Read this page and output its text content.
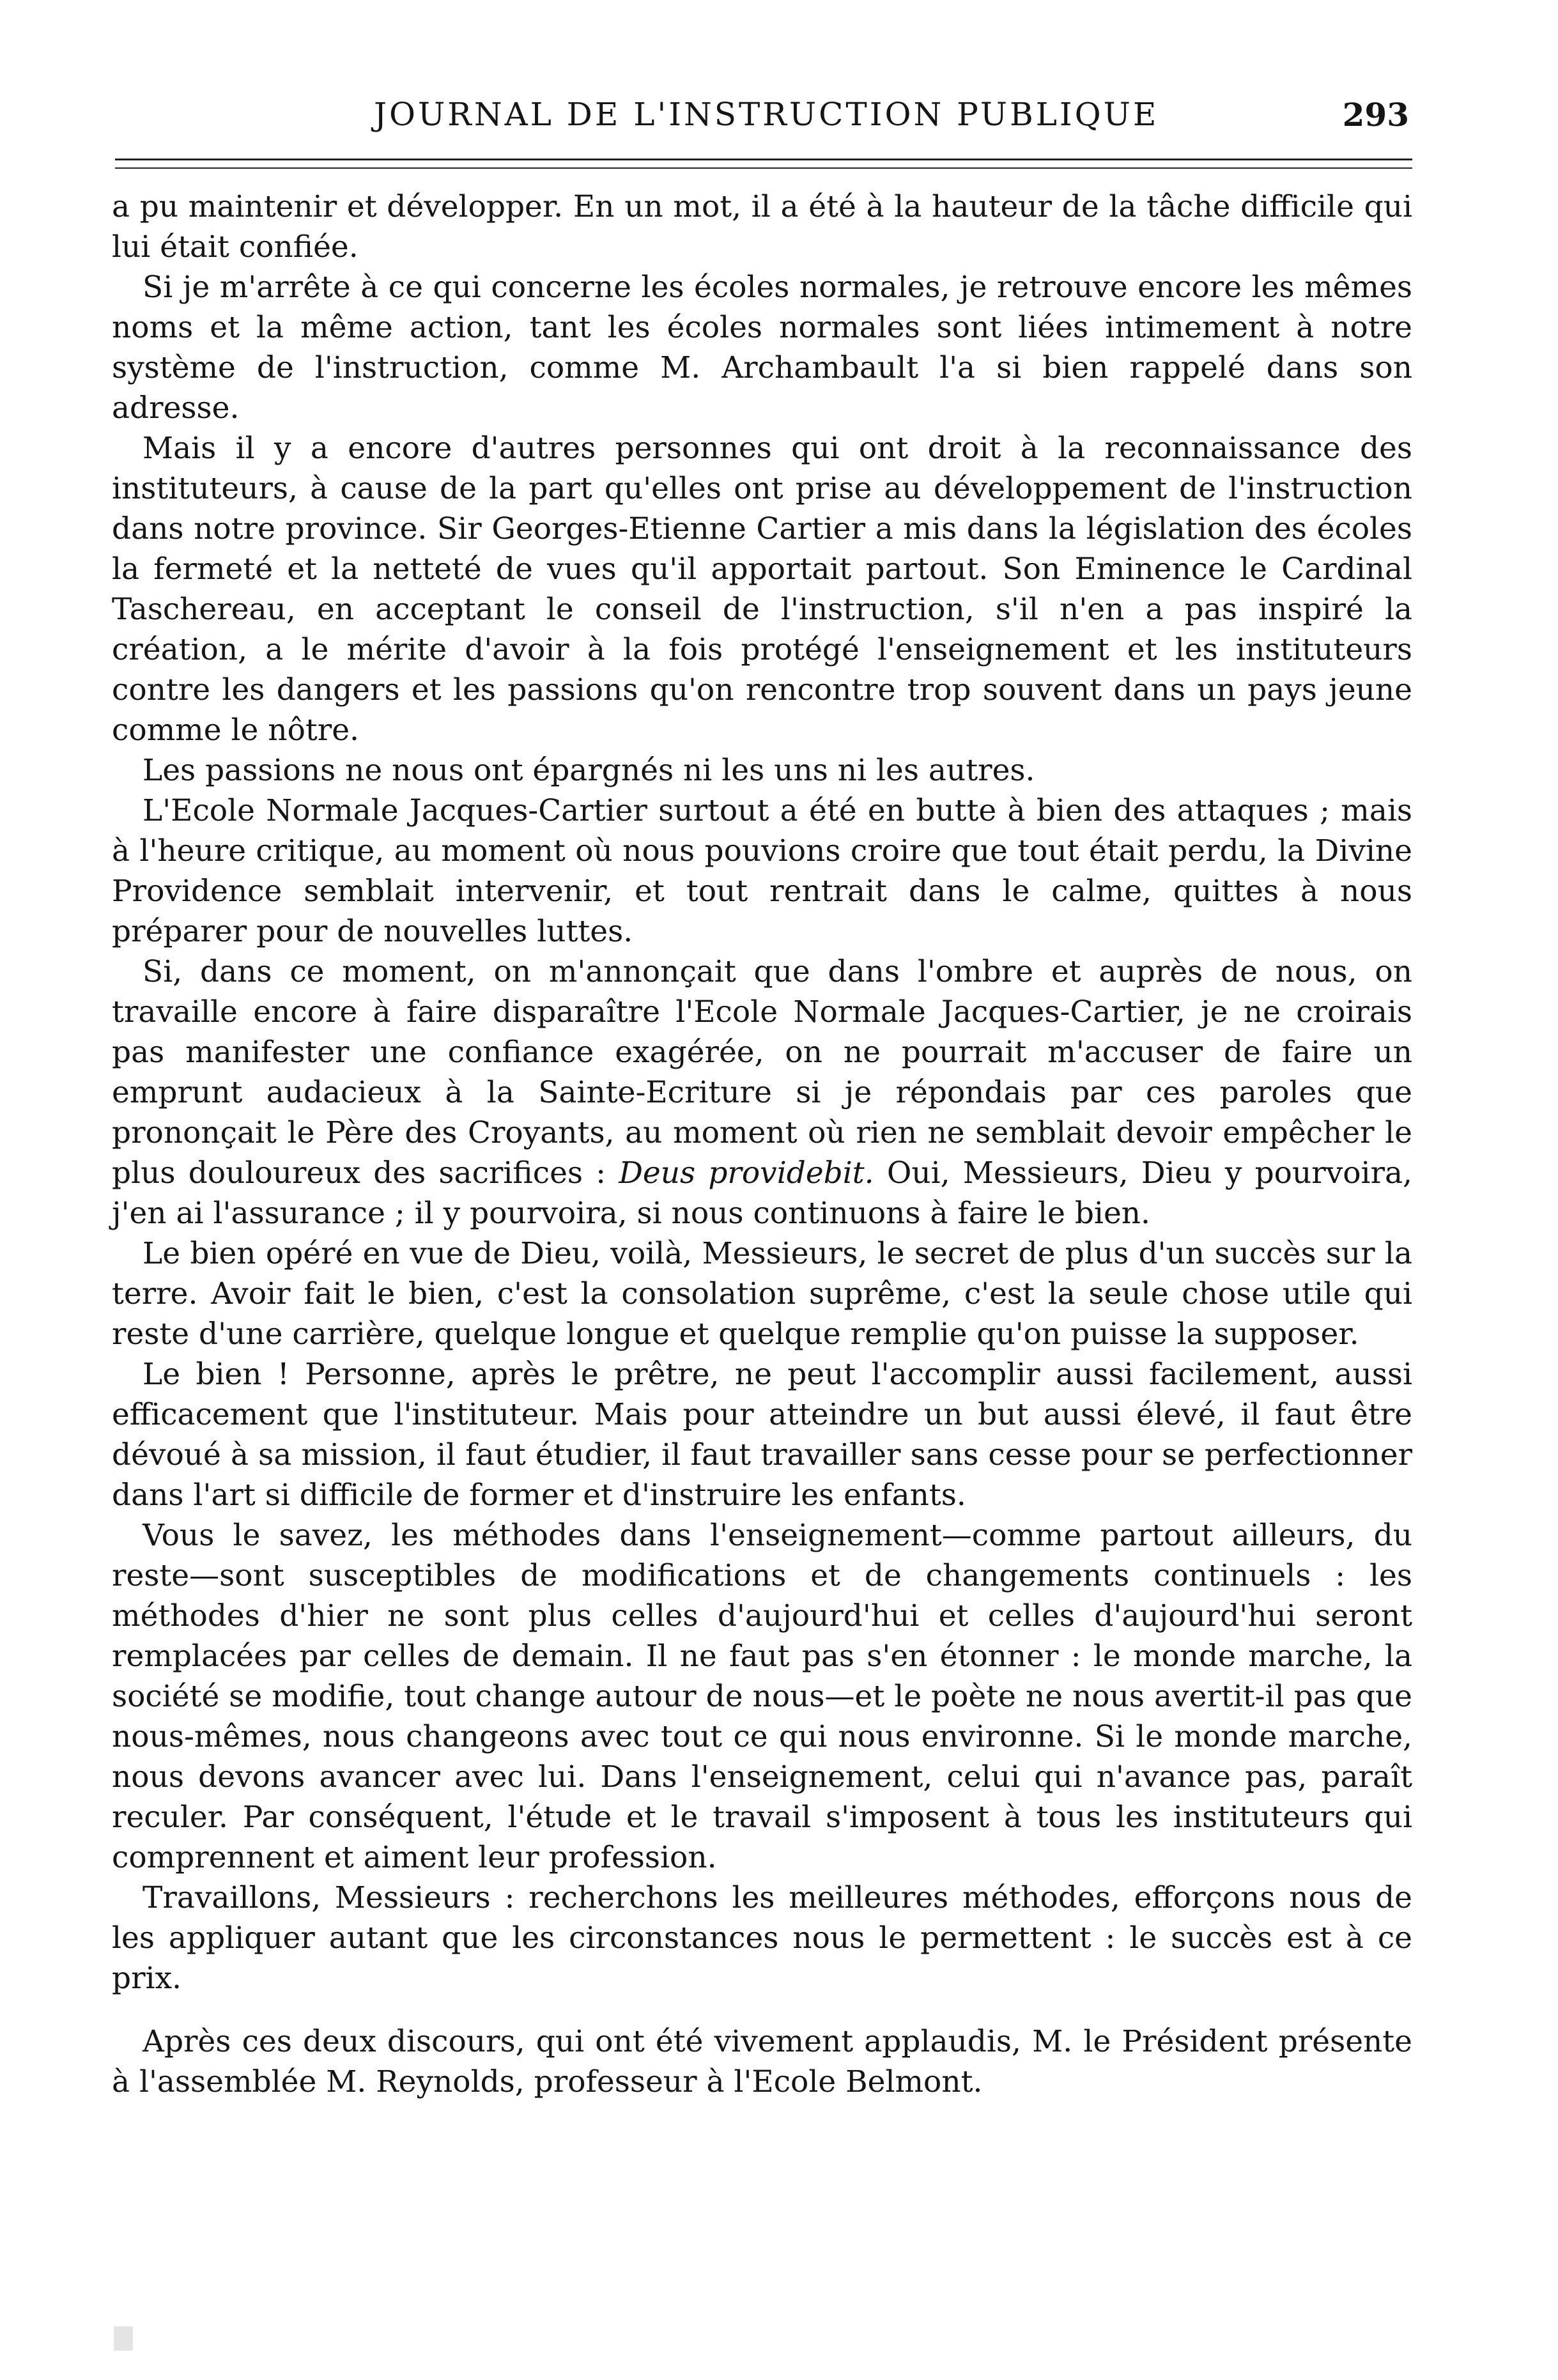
JOURNAL DE L'INSTRUCTION PUBLIQUE	293

a pu maintenir et développer. En un mot, il a été à la hauteur de la tâche difficile qui lui était confiée.

Si je m'arrête à ce qui concerne les écoles normales, je retrouve encore les mêmes noms et la même action, tant les écoles normales sont liées intimement à notre système de l'instruction, comme M. Archambault l'a si bien rappelé dans son adresse.

Mais il y a encore d'autres personnes qui ont droit à la reconnaissance des instituteurs, à cause de la part qu'elles ont prise au développement de l'instruction dans notre province. Sir Georges-Etienne Cartier a mis dans la législation des écoles la fermeté et la netteté de vues qu'il apportait partout. Son Eminence le Cardinal Taschereau, en acceptant le conseil de l'instruction, s'il n'en a pas inspiré la création, a le mérite d'avoir à la fois protégé l'enseignement et les instituteurs contre les dangers et les passions qu'on rencontre trop souvent dans un pays jeune comme le nôtre.

Les passions ne nous ont épargnés ni les uns ni les autres.

L'Ecole Normale Jacques-Cartier surtout a été en butte à bien des attaques ; mais à l'heure critique, au moment où nous pouvions croire que tout était perdu, la Divine Providence semblait intervenir, et tout rentrait dans le calme, quittes à nous préparer pour de nouvelles luttes.

Si, dans ce moment, on m'annonçait que dans l'ombre et auprès de nous, on travaille encore à faire disparaître l'Ecole Normale Jacques-Cartier, je ne croirais pas manifester une confiance exagérée, on ne pourrait m'accuser de faire un emprunt audacieux à la Sainte-Ecriture si je répondais par ces paroles que prononçait le Père des Croyants, au moment où rien ne semblait devoir empêcher le plus douloureux des sacrifices : Deus providebit. Oui, Messieurs, Dieu y pourvoira, j'en ai l'assurance ; il y pourvoira, si nous continuons à faire le bien.

Le bien opéré en vue de Dieu, voilà, Messieurs, le secret de plus d'un succès sur la terre. Avoir fait le bien, c'est la consolation suprême, c'est la seule chose utile qui reste d'une carrière, quelque longue et quelque remplie qu'on puisse la supposer.

Le bien ! Personne, après le prêtre, ne peut l'accomplir aussi facilement, aussi efficacement que l'instituteur. Mais pour atteindre un but aussi élevé, il faut être dévoué à sa mission, il faut étudier, il faut travailler sans cesse pour se perfectionner dans l'art si difficile de former et d'instruire les enfants.

Vous le savez, les méthodes dans l'enseignement—comme partout ailleurs, du reste—sont susceptibles de modifications et de changements continuels : les méthodes d'hier ne sont plus celles d'aujourd'hui et celles d'aujourd'hui seront remplacées par celles de demain. Il ne faut pas s'en étonner : le monde marche, la société se modifie, tout change autour de nous—et le poète ne nous avertit-il pas que nous-mêmes, nous changeons avec tout ce qui nous environne. Si le monde marche, nous devons avancer avec lui. Dans l'enseignement, celui qui n'avance pas, paraît reculer. Par conséquent, l'étude et le travail s'imposent à tous les instituteurs qui comprennent et aiment leur profession.

Travaillons, Messieurs : recherchons les meilleures méthodes, efforçons nous de les appliquer autant que les circonstances nous le permettent : le succès est à ce prix.

Après ces deux discours, qui ont été vivement applaudis, M. le Président présente à l'assemblée M. Reynolds, professeur à l'Ecole Belmont.
